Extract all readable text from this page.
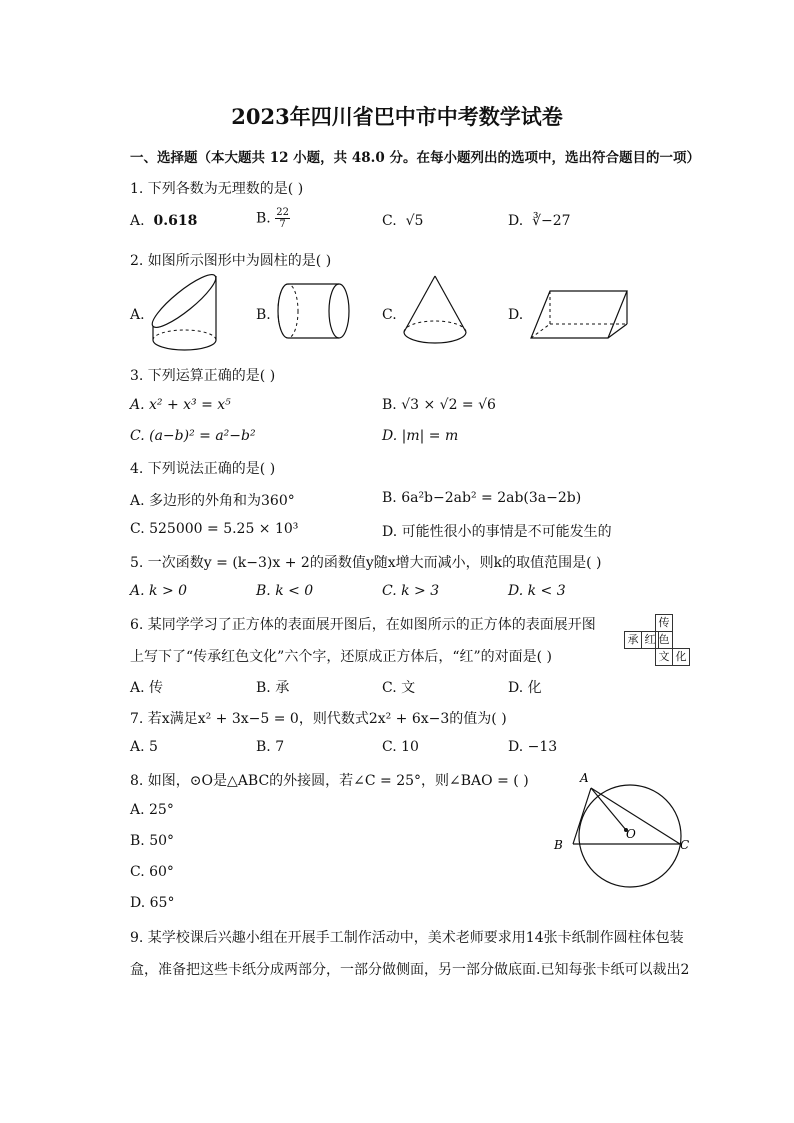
2023年四川省巴中市中考数学试卷
一、选择题（本大题共 12 小题，共 48.0 分。在每小题列出的选项中，选出符合题目的一项）
1. 下列各数为无理数的是( )
A. 0.618	B. $\frac{22}{7}$	C. √5	D. ∛−27
2. 如图所示图形中为圆柱的是( )
A.	B.	C.	D.
3. 下列运算正确的是( )
A. x² + x³ = x⁵	B. √3 × √2 = √6
C. (a−b)² = a²−b²	D. |m| = m
4. 下列说法正确的是( )
A. 多边形的外角和为360°	B. 6a²b−2ab² = 2ab(3a−2b)
C. 525000 = 5.25 × 10³	D. 可能性很小的事情是不可能发生的
5. 一次函数y = (k−3)x + 2的函数值y随x增大而减小，则k的取值范围是( )
A. k > 0	B. k < 0	C. k > 3	D. k < 3
6. 某同学学习了正方体的表面展开图后，在如图所示的正方体的表面展开图
上写下了“传承红色文化”六个字，还原成正方体后，“红”的对面是( )
A. 传	B. 承	C. 文	D. 化
传
承 红 色
文 化
7. 若x满足x² + 3x−5 = 0，则代数式2x² + 6x−3的值为( )
A. 5	B. 7	C. 10	D. −13
8. 如图，⊙O是△ABC的外接圆，若∠C = 25°，则∠BAO = ( )
A. 25°
B. 50°
C. 60°
D. 65°
A
B	C
O
9. 某学校课后兴趣小组在开展手工制作活动中，美术老师要求用14张卡纸制作圆柱体包装
盒，准备把这些卡纸分成两部分，一部分做侧面，另一部分做底面.已知每张卡纸可以裁出2
